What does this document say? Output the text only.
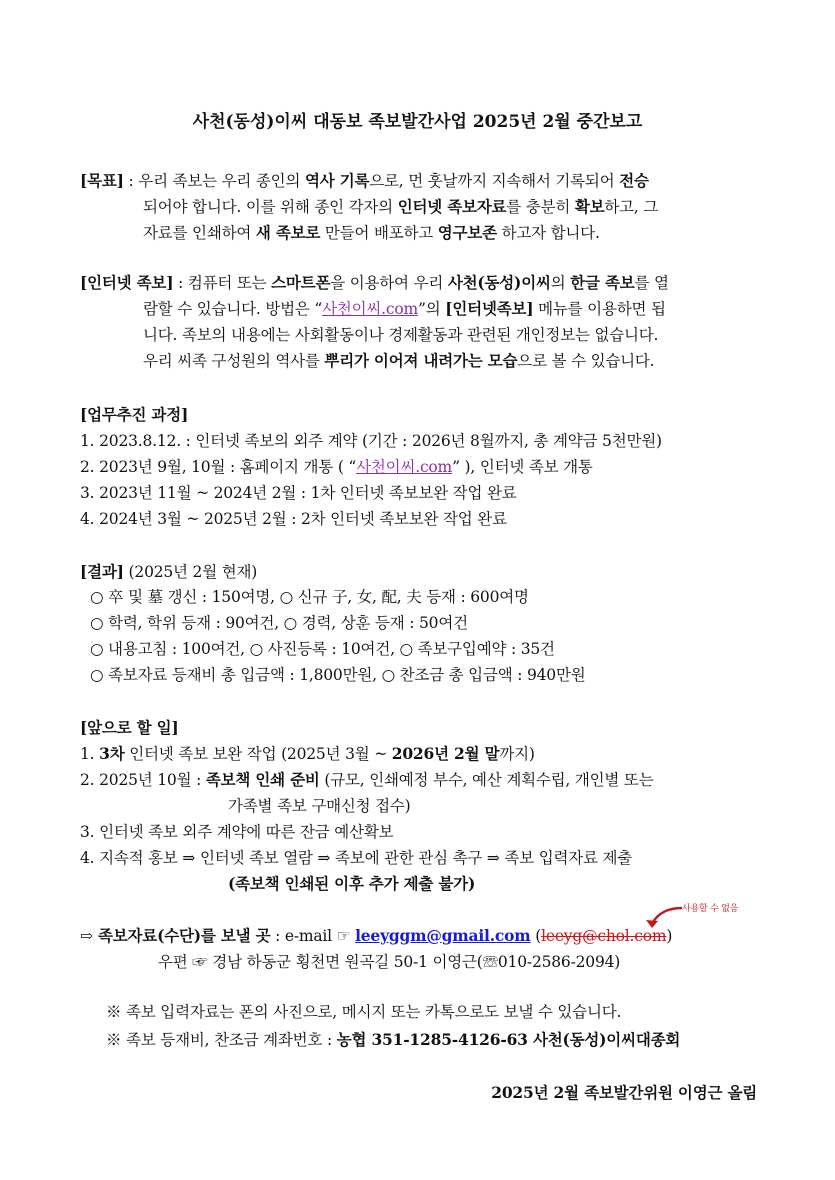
사천(동성)이씨 대동보 족보발간사업 2025년 2월 중간보고
[목표] : 우리 족보는 우리 종인의 역사 기록으로, 먼 훗날까지 지속해서 기록되어 전승
되어야 합니다. 이를 위해 종인 각자의 인터넷 족보자료를 충분히 확보하고, 그
자료를 인쇄하여 새 족보로 만들어 배포하고 영구보존 하고자 합니다.
[인터넷 족보] : 컴퓨터 또는 스마트폰을 이용하여 우리 사천(동성)이씨의 한글 족보를 열
람할 수 있습니다. 방법은 “사천이씨.com”의 [인터넷족보] 메뉴를 이용하면 됩
니다. 족보의 내용에는 사회활동이나 경제활동과 관련된 개인정보는 없습니다.
우리 씨족 구성원의 역사를 뿌리가 이어져 내려가는 모습으로 볼 수 있습니다.
[업무추진 과정]
1. 2023.8.12. : 인터넷 족보의 외주 계약 (기간 : 2026년 8월까지, 총 계약금 5천만원)
2. 2023년 9월, 10월 : 홈페이지 개통 ( “사천이씨.com” ), 인터넷 족보 개통
3. 2023년 11월 ~ 2024년 2월 : 1차 인터넷 족보보완 작업 완료
4. 2024년 3월 ~ 2025년 2월 : 2차 인터넷 족보보완 작업 완료
[결과] (2025년 2월 현재)
○ 卒 및 墓 갱신 : 150여명, ○ 신규 子, 女, 配, 夫 등재 : 600여명
○ 학력, 학위 등재 : 90여건, ○ 경력, 상훈 등재 : 50여건
○ 내용고침 : 100여건, ○ 사진등록 : 10여건, ○ 족보구입예약 : 35건
○ 족보자료 등재비 총 입금액 : 1,800만원, ○ 찬조금 총 입금액 : 940만원
[앞으로 할 일]
1. 3차 인터넷 족보 보완 작업 (2025년 3월 ~ 2026년 2월 말까지)
2. 2025년 10월 : 족보책 인쇄 준비 (규모, 인쇄예정 부수, 예산 계획수립, 개인별 또는
가족별 족보 구매신청 접수)
3. 인터넷 족보 외주 계약에 따른 잔금 예산확보
4. 지속적 홍보 ⇒ 인터넷 족보 열람 ⇒ 족보에 관한 관심 촉구 ⇒ 족보 입력자료 제출
(족보책 인쇄된 이후 추가 제출 불가)
사용할 수 없음
⇨ 족보자료(수단)를 보낼 곳 : e-mail ☞ leeyggm@gmail.com (leeyg@chol.com)
우편 ☞ 경남 하동군 횡천면 원곡길 50-1 이영근(☏010-2586-2094)
※ 족보 입력자료는 폰의 사진으로, 메시지 또는 카톡으로도 보낼 수 있습니다.
※ 족보 등재비, 찬조금 계좌번호 : 농협 351-1285-4126-63 사천(동성)이씨대종회
2025년 2월 족보발간위원 이영근 올림
